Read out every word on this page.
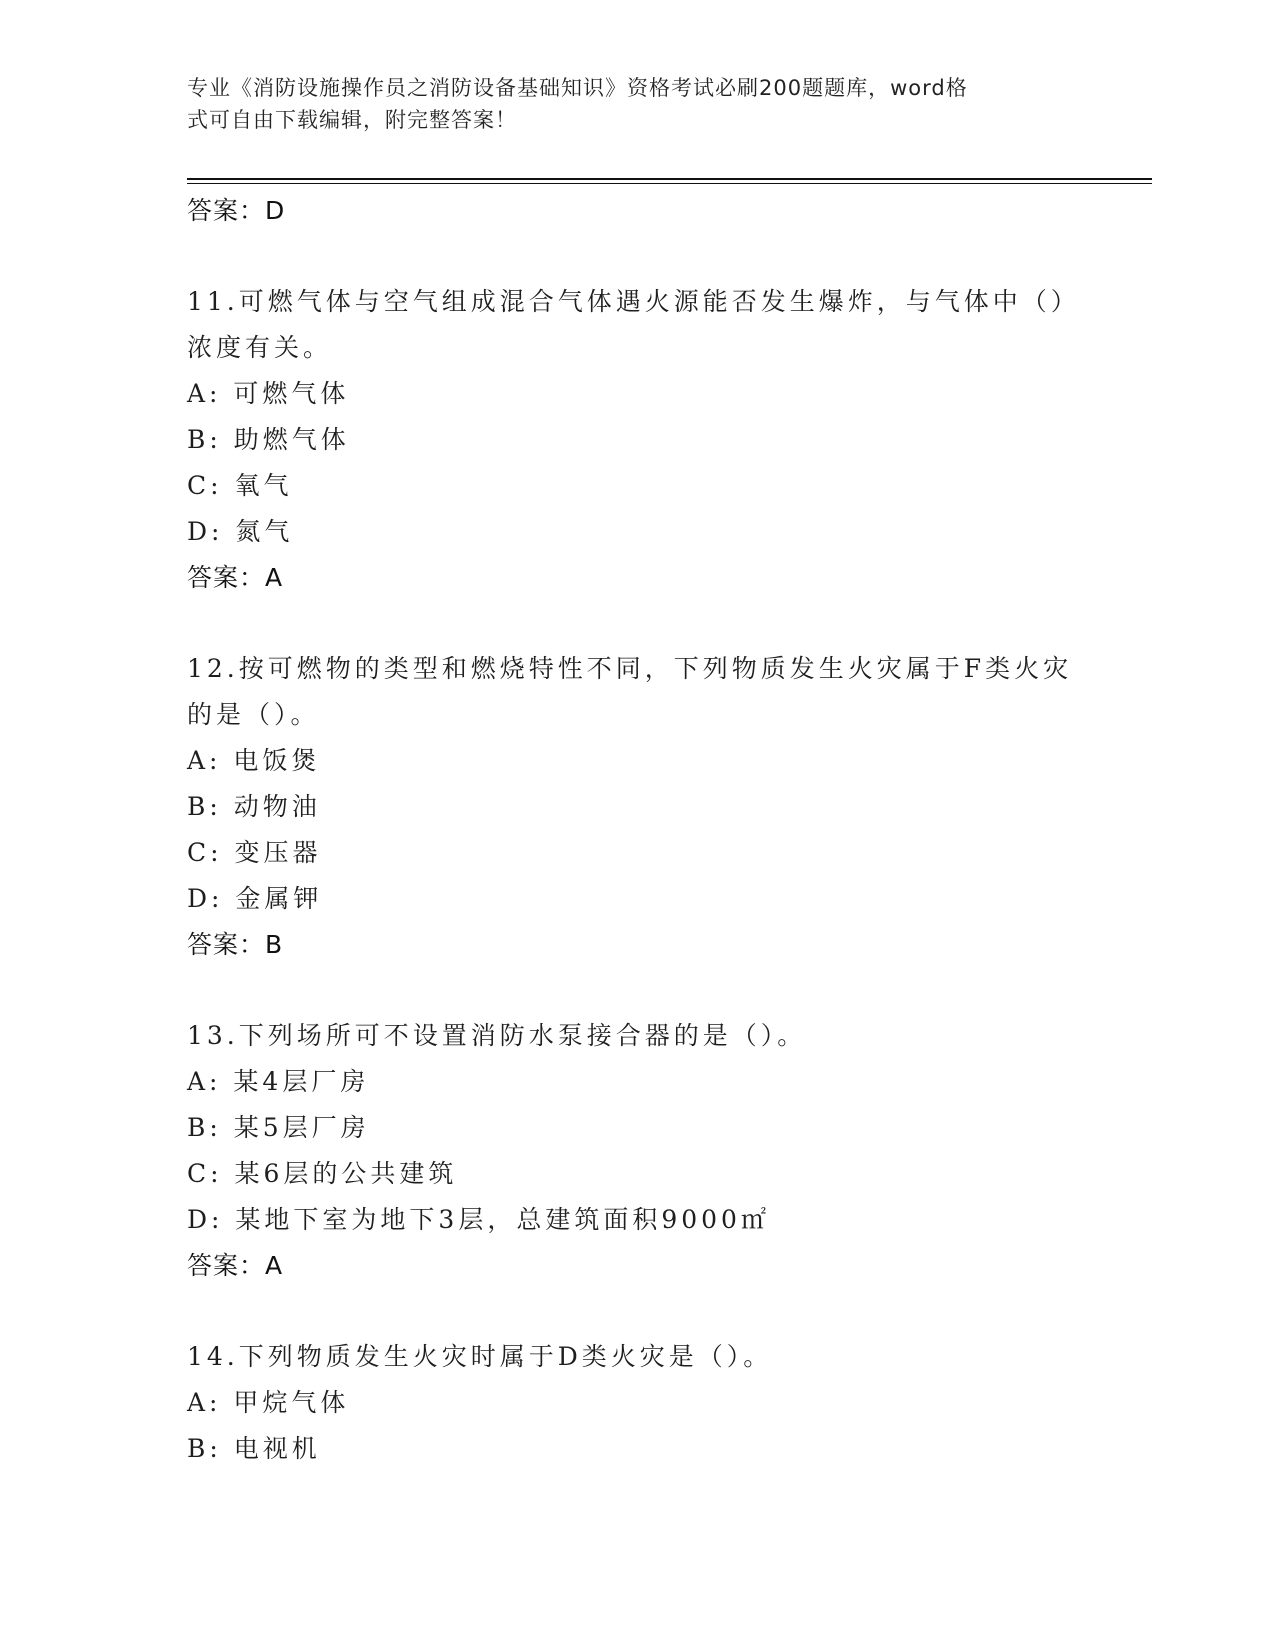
专业《消防设施操作员之消防设备基础知识》资格考试必刷200题题库，word格
式可自由下载编辑，附完整答案！
答案：D
11.可燃气体与空气组成混合气体遇火源能否发生爆炸，与气体中（）
浓度有关。
A: 可燃气体
B: 助燃气体
C: 氧气
D: 氮气
答案：A
12.按可燃物的类型和燃烧特性不同，下列物质发生火灾属于F类火灾
的是（）。
A: 电饭煲
B: 动物油
C: 变压器
D: 金属钾
答案：B
13.下列场所可不设置消防水泵接合器的是（）。
A: 某4层厂房
B: 某5层厂房
C: 某6层的公共建筑
D: 某地下室为地下3层，总建筑面积9000㎡
答案：A
14.下列物质发生火灾时属于D类火灾是（）。
A: 甲烷气体
B: 电视机
